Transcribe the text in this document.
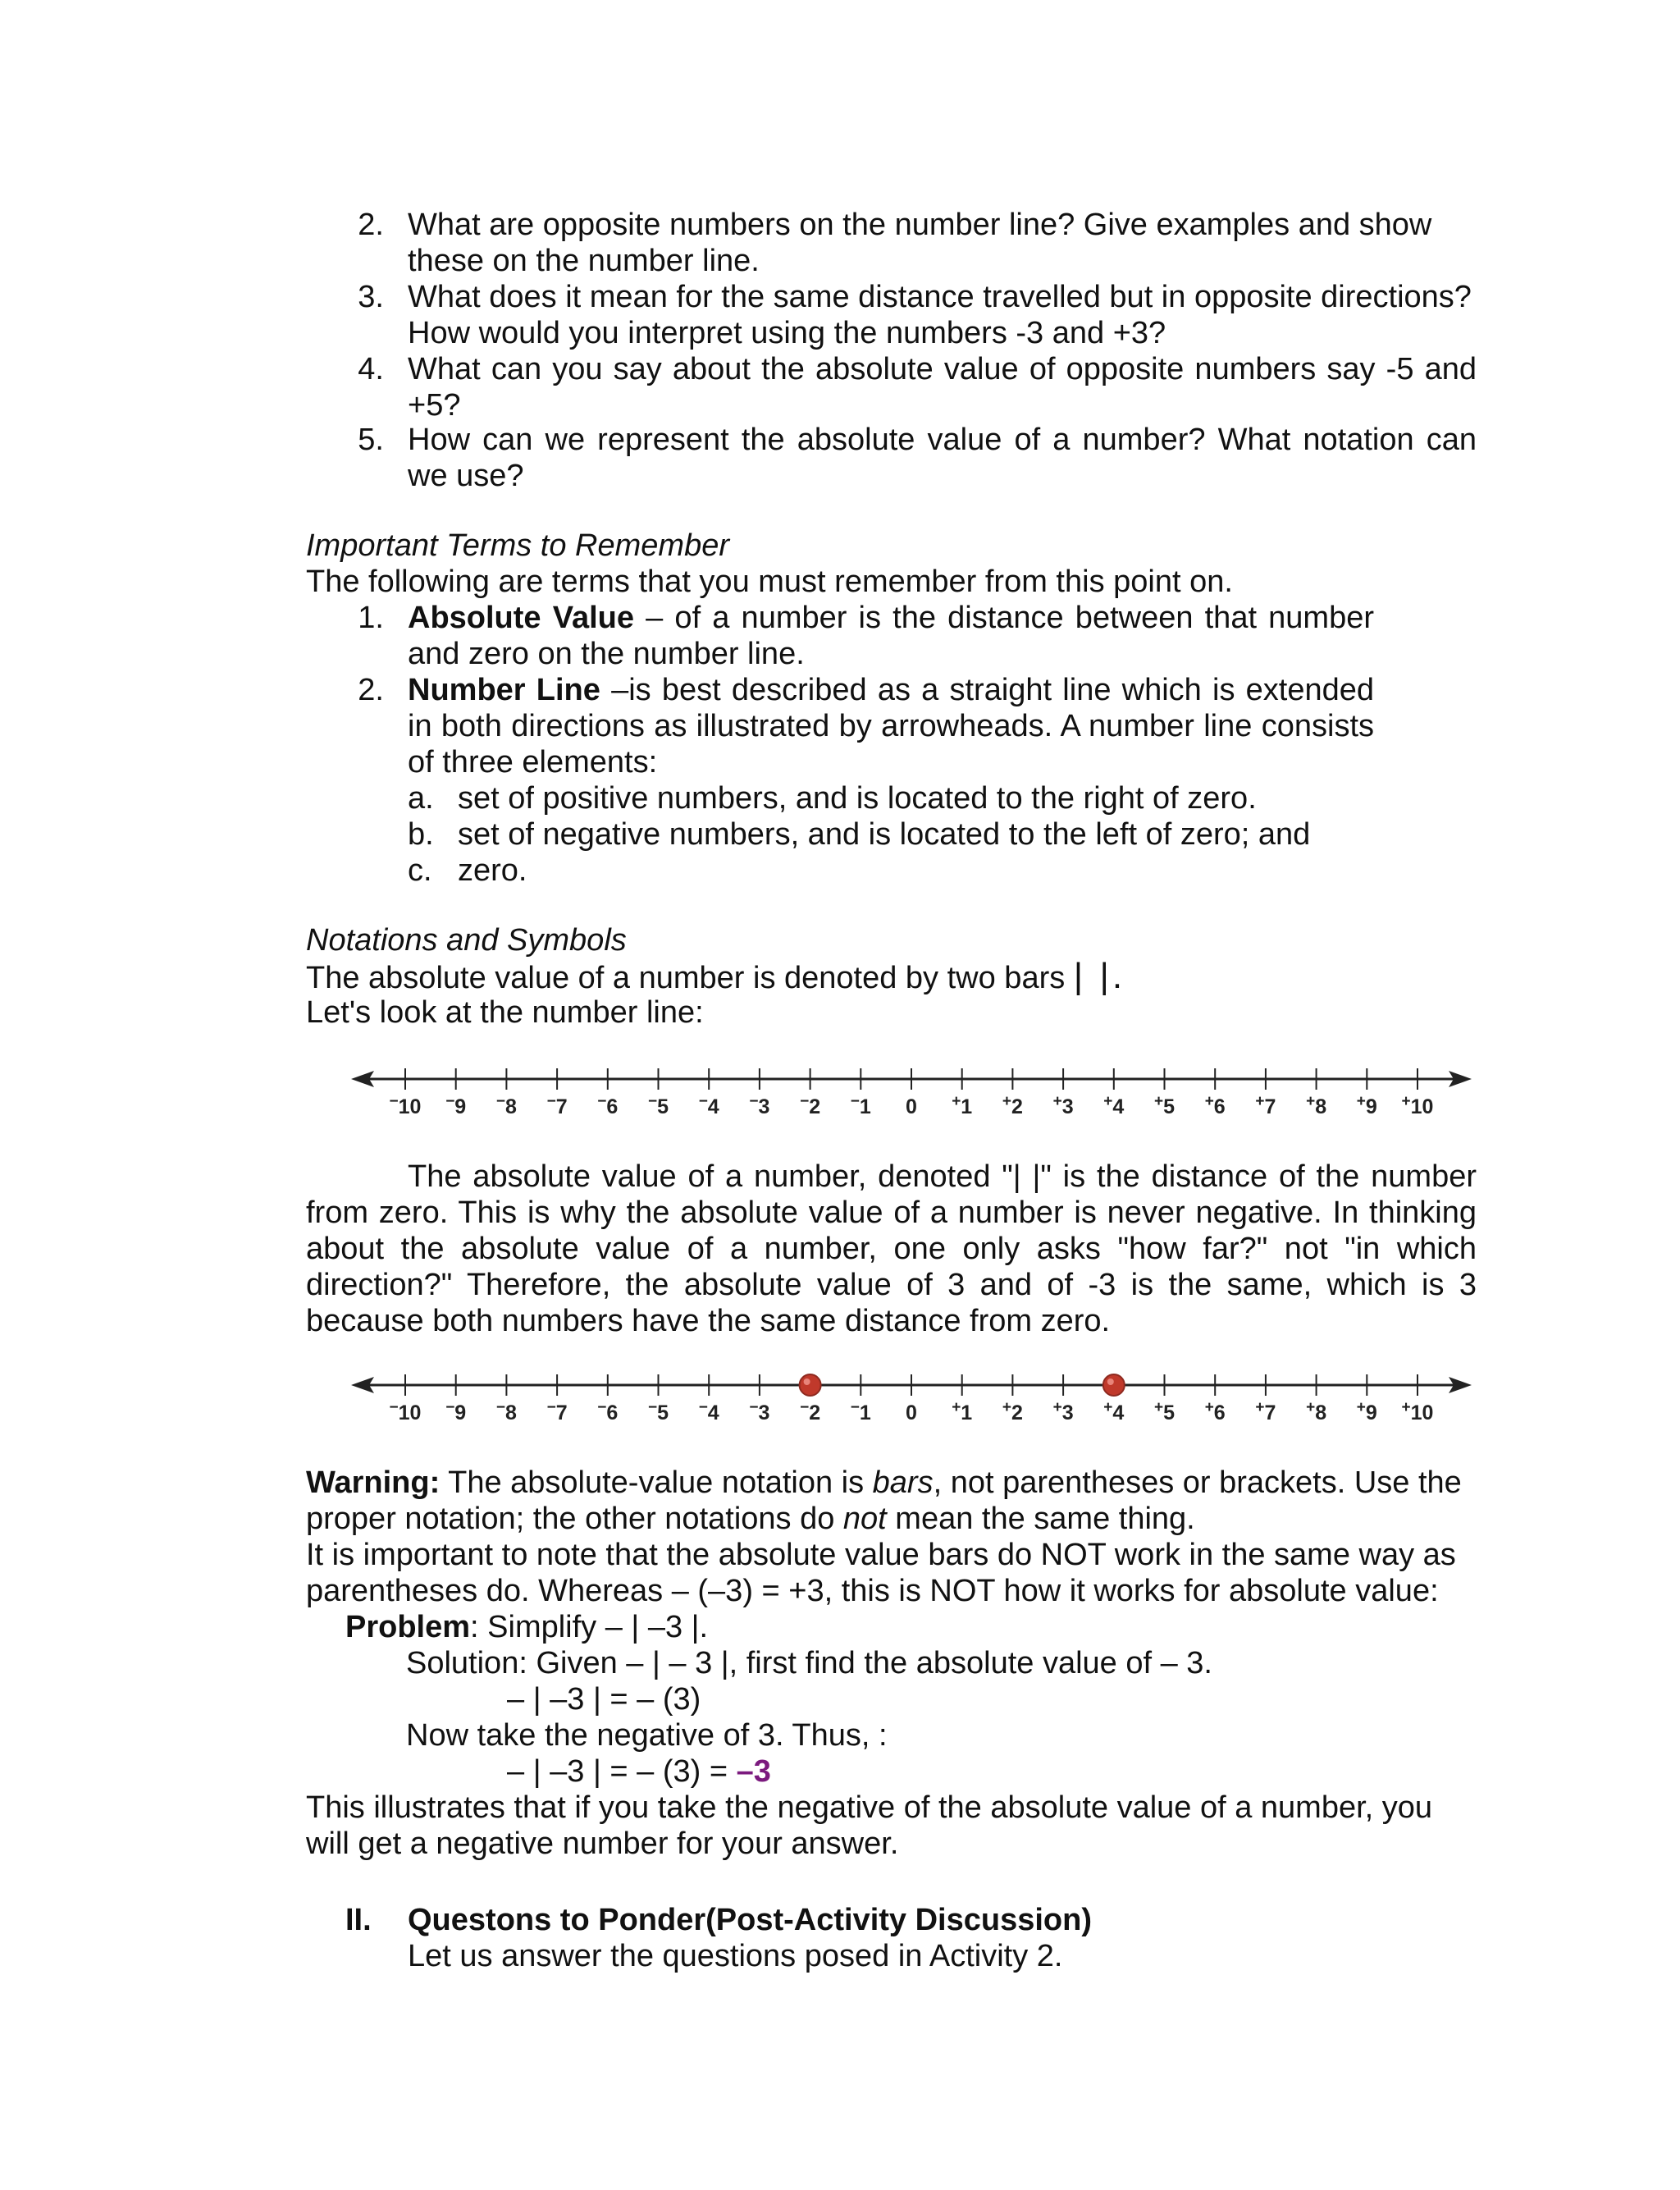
2. What are opposite numbers on the number line? Give examples and show
these on the number line.
3. What does it mean for the same distance travelled but in opposite directions?
How would you interpret using the numbers -3 and +3?
4. What can you say about the absolute value of opposite numbers say -5 and
+5?
5. How can we represent the absolute value of a number? What notation can
we use?
Important Terms to Remember
The following are terms that you must remember from this point on.
1. Absolute Value – of a number is the distance between that number
and zero on the number line.
2. Number Line –is best described as a straight line which is extended
in both directions as illustrated by arrowheads. A number line consists
of three elements:
a. set of positive numbers, and is located to the right of zero.
b. set of negative numbers, and is located to the left of zero; and
c. zero.
Notations and Symbols
The absolute value of a number is denoted by two bars | |.
Let's look at the number line:
−10 −9 −8 −7 −6 −5 −4 −3 −2 −1 0 +1 +2 +3 +4 +5 +6 +7 +8 +9 +10
The absolute value of a number, denoted "| |" is the distance of the number
from zero. This is why the absolute value of a number is never negative. In thinking
about the absolute value of a number, one only asks "how far?" not "in which
direction?" Therefore, the absolute value of 3 and of -3 is the same, which is 3
because both numbers have the same distance from zero.
−10 −9 −8 −7 −6 −5 −4 −3 −2 −1 0 +1 +2 +3 +4 +5 +6 +7 +8 +9 +10
Warning: The absolute-value notation is bars, not parentheses or brackets. Use the
proper notation; the other notations do not mean the same thing.
It is important to note that the absolute value bars do NOT work in the same way as
parentheses do. Whereas – (–3) = +3, this is NOT how it works for absolute value:
Problem: Simplify – | –3 |.
Solution: Given – | – 3 |, first find the absolute value of – 3.
– | –3 | = – (3)
Now take the negative of 3. Thus, :
– | –3 | = – (3) = –3
This illustrates that if you take the negative of the absolute value of a number, you
will get a negative number for your answer.
II. Questons to Ponder(Post-Activity Discussion)
Let us answer the questions posed in Activity 2.
